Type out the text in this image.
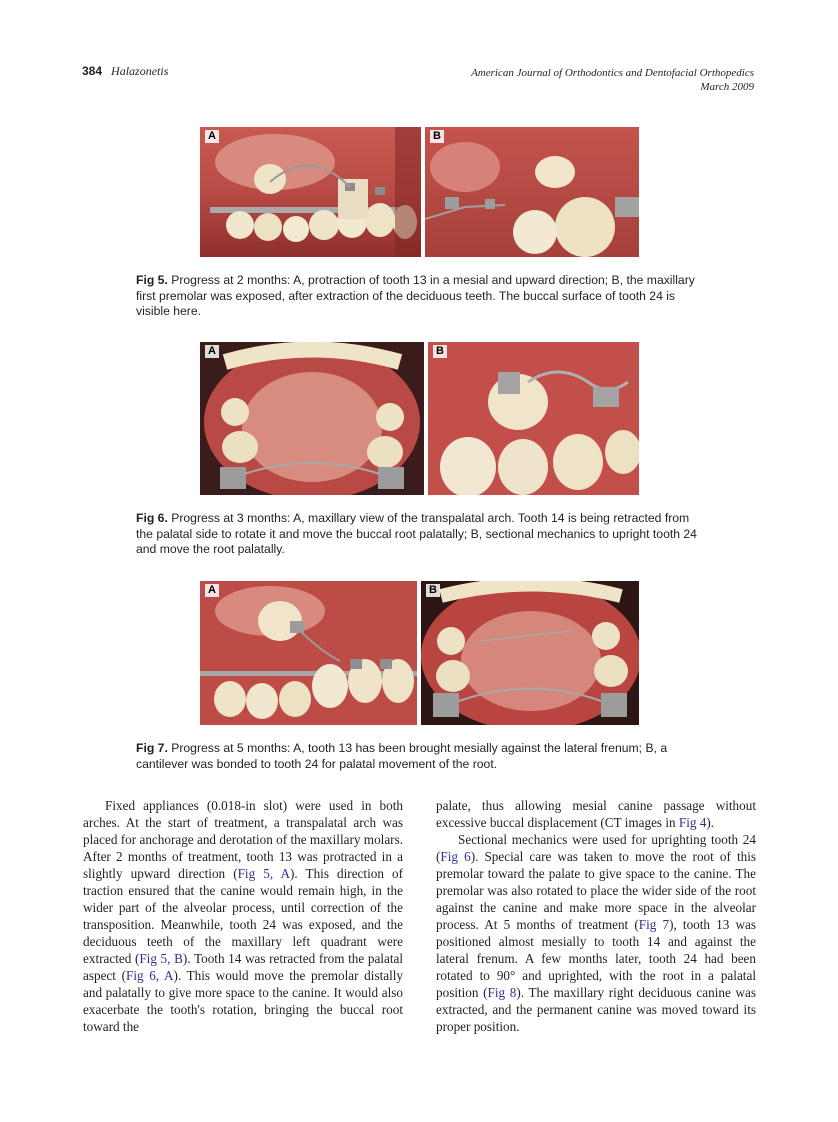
384 Halazonetis	American Journal of Orthodontics and Dentofacial Orthopedics
March 2009
A	B
Fig 5. Progress at 2 months: A, protraction of tooth 13 in a mesial and upward direction; B, the maxillary first premolar was exposed, after extraction of the deciduous teeth. The buccal surface of tooth 24 is visible here.
A	B
Fig 6. Progress at 3 months: A, maxillary view of the transpalatal arch. Tooth 14 is being retracted from the palatal side to rotate it and move the buccal root palatally; B, sectional mechanics to upright tooth 24 and move the root palatally.
A	B
Fig 7. Progress at 5 months: A, tooth 13 has been brought mesially against the lateral frenum; B, a cantilever was bonded to tooth 24 for palatal movement of the root.

Fixed appliances (0.018-in slot) were used in both arches. At the start of treatment, a transpalatal arch was placed for anchorage and derotation of the maxillary molars. After 2 months of treatment, tooth 13 was protracted in a slightly upward direction (Fig 5, A). This direction of traction ensured that the canine would remain high, in the wider part of the alveolar process, until correction of the transposition. Meanwhile, tooth 24 was exposed, and the deciduous teeth of the maxillary left quadrant were extracted (Fig 5, B). Tooth 14 was retracted from the palatal aspect (Fig 6, A). This would move the premolar distally and palatally to give more space to the canine. It would also exacerbate the tooth's rotation, bringing the buccal root toward the

palate, thus allowing mesial canine passage without excessive buccal displacement (CT images in Fig 4).

Sectional mechanics were used for uprighting tooth 24 (Fig 6). Special care was taken to move the root of this premolar toward the palate to give space to the canine. The premolar was also rotated to place the wider side of the root against the canine and make more space in the alveolar process. At 5 months of treatment (Fig 7), tooth 13 was positioned almost mesially to tooth 14 and against the lateral frenum. A few months later, tooth 24 had been rotated to 90° and uprighted, with the root in a palatal position (Fig 8). The maxillary right deciduous canine was extracted, and the permanent canine was moved toward its proper position.
